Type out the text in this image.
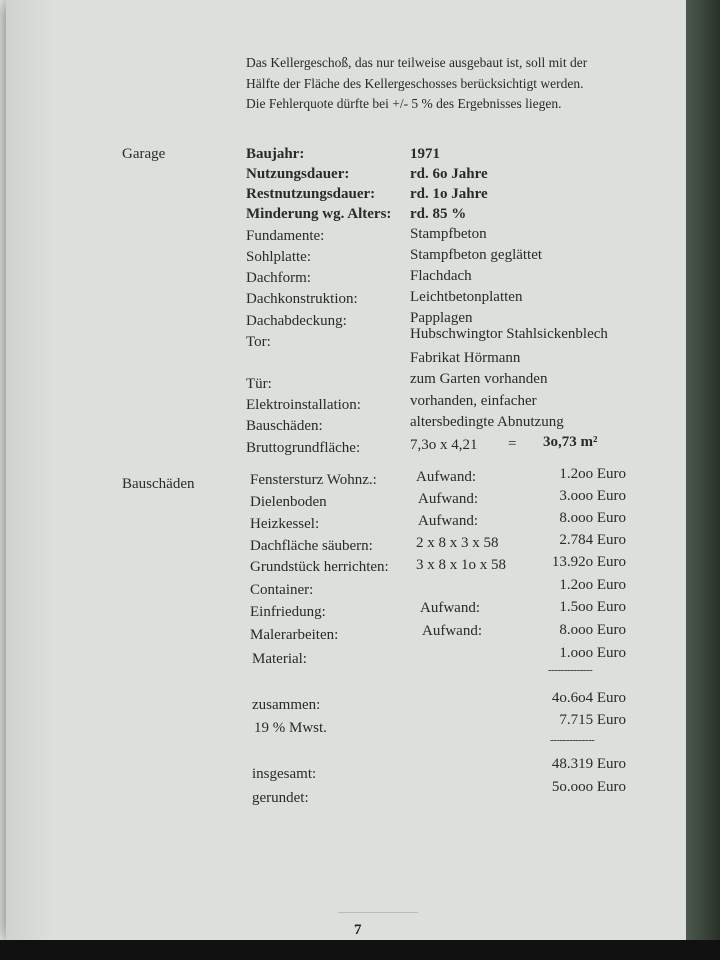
Das Kellergeschoß, das nur teilweise ausgebaut ist, soll mit der
Hälfte der Fläche des Kellergeschosses berücksichtigt werden.
Die Fehlerquote dürfte bei +/- 5 % des Ergebnisses liegen.
Garage	Baujahr:	1971
Nutzungsdauer:	rd. 6o Jahre
Restnutzungsdauer: rd. 1o Jahre
Minderung wg. Alters: rd. 85 %
Fundamente:	Stampfbeton
Sohlplatte:	Stampfbeton geglättet
Dachform:	Flachdach
Dachkonstruktion:	Leichtbetonplatten
Dachabdeckung:	Papplagen
Tor:	Hubschwingtor Stahlsickenblech
Fabrikat Hörmann
Tür:	zum Garten vorhanden
Elektroinstallation:	vorhanden, einfacher
Bauschäden:	altersbedingte Abnutzung
Bruttogrundfläche:	7,3o x 4,21 = 3o,73 m²
Bauschäden	Fenstersturz Wohnz.:	Aufwand:	1.2oo Euro
Dielenboden	Aufwand:	3.ooo Euro
Heizkessel:	Aufwand:	8.ooo Euro
Dachfläche säubern:	2 x 8 x 3 x 58	2.784 Euro
Grundstück herrichten: 3 x 8 x 1o x 58	13.92o Euro
Container:	1.2oo Euro
Einfriedung:	Aufwand:	1.5oo Euro
Malerarbeiten:	Aufwand:	8.ooo Euro
Material:	1.ooo Euro
--------------
zusammen:	4o.6o4 Euro
19 % Mwst.	7.715 Euro
--------------
insgesamt:
48.319 Euro
gerundet:
5o.ooo Euro
7
